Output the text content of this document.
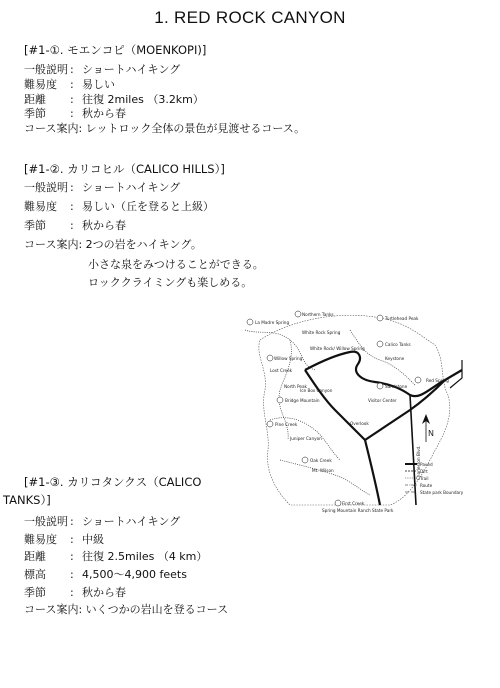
1. RED ROCK CANYON
[#1-①. モエンコピ（MOENKOPI)]
一般説明 : ショートハイキング
難易度 : 易しい
距離 : 往復 2miles （3.2km）
季節 : 秋から春
コース案内: レットロック全体の景色が見渡せるコース。
[#1-②. カリコヒル（CALICO HILLS）]
一般説明 : ショートハイキング
難易度 : 易しい（丘を登ると上級）
季節 : 秋から春
コース案内: 2つの岩をハイキング。
小さな泉をみつけることができる。
ロッククライミングも楽しめる。
[#1-③. カリコタンクス（CALICO
TANKS）]
一般説明 : ショートハイキング
難易度 : 中級
距離 : 往復 2.5miles （4 km）
標高 : 4,500〜4,900 feets
季節 : 秋から春
コース案内: いくつかの岩山を登るコース
La Madre Spring
Northern Tanks
White Rock Spring
Turtlehead Peak
Calico Tanks
Willow Spring
White Rock/ Willow Spring
Lost Creek
Keystone
Sandstone
Red Spring
Visitor Center
North Peak
Ice Box Canyon
Bridge Mountain
Pine Creek
Juniper Canyon
Overlook
Oak Creek
Mt. Wilson
First Creek
Spring Mountain Ranch State Park
Charleston Blvd.
N
Paved
Dirt
Trail
Route
State park Boundary
